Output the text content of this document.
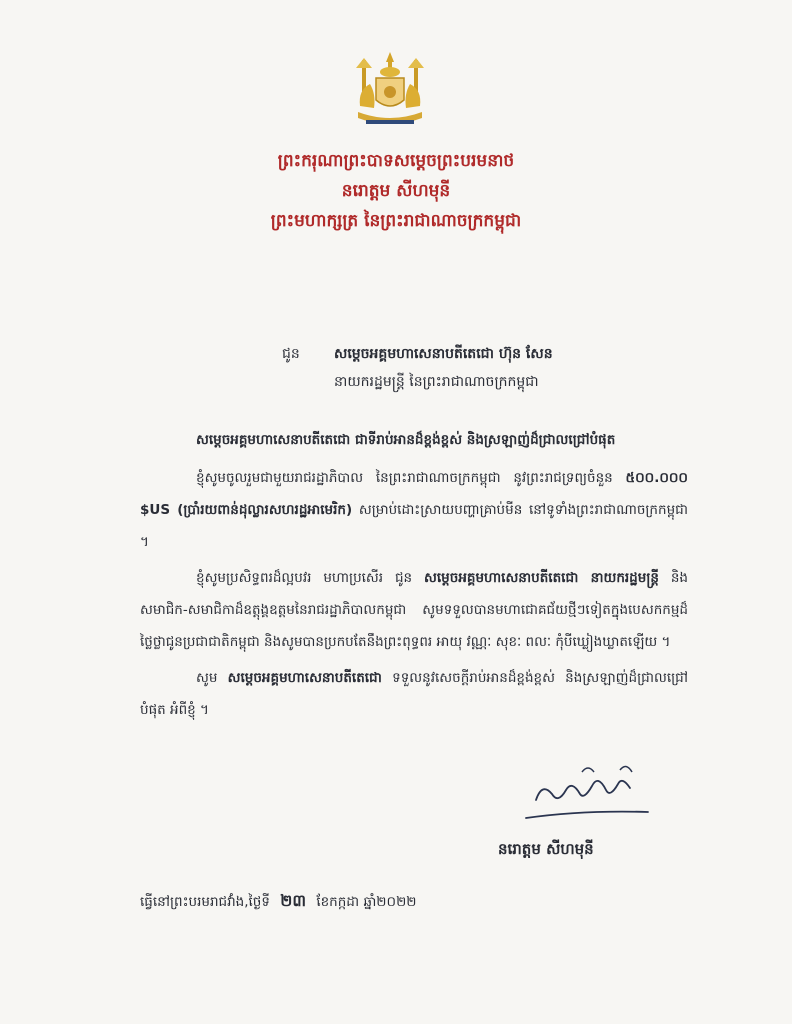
ព្រះករុណាព្រះបាទសម្ដេចព្រះបរមនាថ
នរោត្តម សីហមុនី
ព្រះមហាក្សត្រ នៃព្រះរាជាណាចក្រកម្ពុជា
ជូន	សម្ដេចអគ្គមហាសេនាបតីតេជោ ហ៊ុន សែន
នាយករដ្ឋមន្ត្រី នៃព្រះរាជាណាចក្រកម្ពុជា

សម្ដេចអគ្គមហាសេនាបតីតេជោ ជាទីរាប់អានដ៏ខ្ពង់ខ្ពស់ និងស្រឡាញ់ដ៏ជ្រាលជ្រៅបំផុត

ខ្ញុំសូមចូលរួមជាមួយរាជរដ្ឋាភិបាល នៃព្រះរាជាណាចក្រកម្ពុជា នូវព្រះរាជទ្រព្យចំនួន ៥០០.០០០ $US (ប្រាំរយពាន់ដុល្លារសហរដ្ឋអាមេរិក) សម្រាប់ដោះស្រាយបញ្ហាគ្រាប់មីន នៅទូទាំងព្រះរាជាណាចក្រកម្ពុជា ។

ខ្ញុំសូមប្រសិទ្ធពរដ៏ល្អបវរ មហាប្រសើរ ជូន សម្ដេចអគ្គមហាសេនាបតីតេជោ នាយករដ្ឋមន្ត្រី និងសមាជិក-សមាជិកាដ៏ឧត្ដុង្គឧត្ដមនៃរាជរដ្ឋាភិបាលកម្ពុជា សូមទទួលបានមហាជោគជ័យថ្មីៗទៀតក្នុងបេសកកម្មដ៏ថ្លៃថ្លាជូនប្រជាជាតិកម្ពុជា និងសូមបានប្រកបតែនឹងព្រះពុទ្ធពរ អាយុ វណ្ណៈ សុខៈ ពលៈ កុំបីឃ្លៀងឃ្លាតឡើយ ។

សូម សម្ដេចអគ្គមហាសេនាបតីតេជោ ទទួលនូវសេចក្ដីរាប់អានដ៏ខ្ពង់ខ្ពស់ និងស្រឡាញ់ដ៏ជ្រាលជ្រៅបំផុត អំពីខ្ញុំ ។

នរោត្តម សីហមុនី
ធ្វើនៅព្រះបរមរាជវាំង,ថ្ងៃទី ២៣ ខែកក្កដា ឆ្នាំ២០២២
